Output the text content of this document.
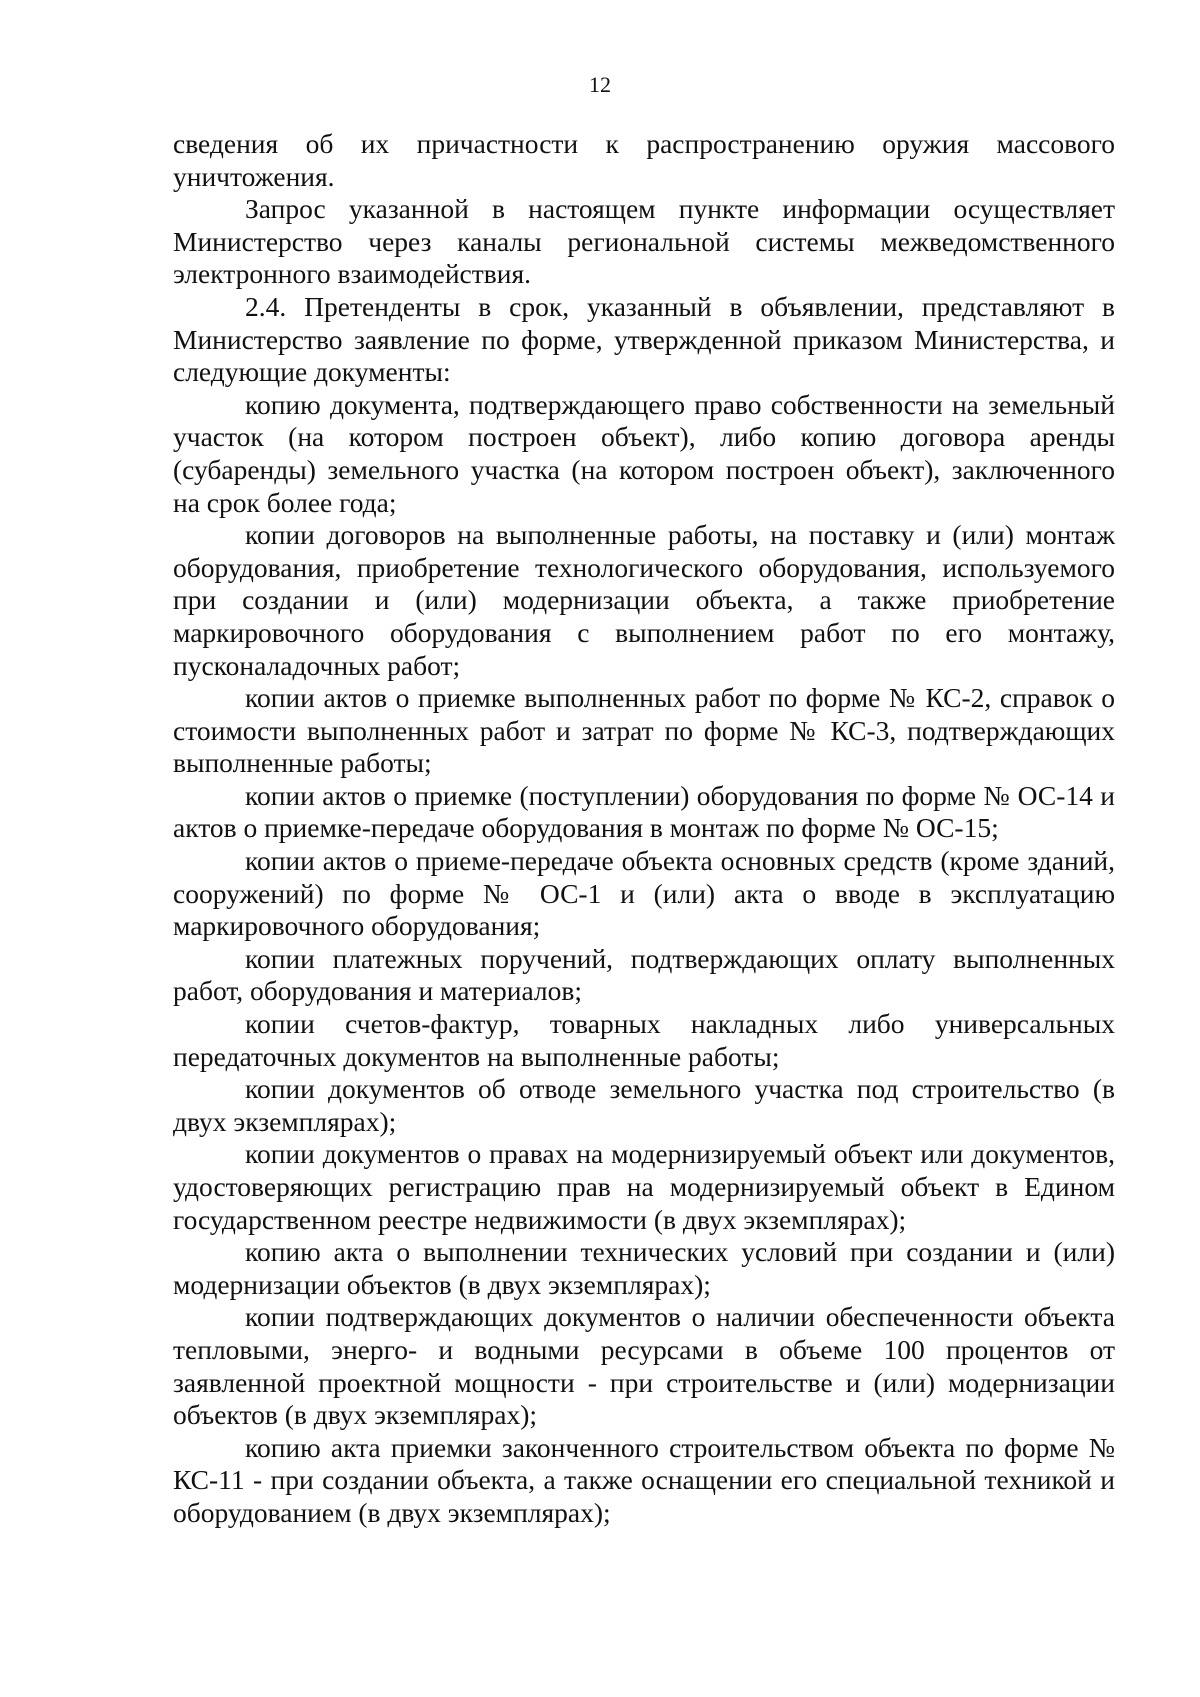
12

сведения об их причастности к распространению оружия массового уничтожения.

Запрос указанной в настоящем пункте информации осуществляет Министерство через каналы региональной системы межведомственного электронного взаимодействия.

2.4. Претенденты в срок, указанный в объявлении, представляют в Министерство заявление по форме, утвержденной приказом Министерства, и следующие документы:

копию документа, подтверждающего право собственности на земельный участок (на котором построен объект), либо копию договора аренды (субаренды) земельного участка (на котором построен объект), заключенного на срок более года;

копии договоров на выполненные работы, на поставку и (или) монтаж оборудования, приобретение технологического оборудования, используемого при создании и (или) модернизации объекта, а также приобретение маркировочного оборудования с выполнением работ по его монтажу, пусконаладочных работ;

копии актов о приемке выполненных работ по форме № КС-2, справок о стоимости выполненных работ и затрат по форме № КС-3, подтверждающих выполненные работы;

копии актов о приемке (поступлении) оборудования по форме № ОС-14 и актов о приемке-передаче оборудования в монтаж по форме № ОС-15;

копии актов о приеме-передаче объекта основных средств (кроме зданий, сооружений) по форме № ОС-1 и (или) акта о вводе в эксплуатацию маркировочного оборудования;

копии платежных поручений, подтверждающих оплату выполненных работ, оборудования и материалов;

копии счетов-фактур, товарных накладных либо универсальных передаточных документов на выполненные работы;

копии документов об отводе земельного участка под строительство (в двух экземплярах);

копии документов о правах на модернизируемый объект или документов, удостоверяющих регистрацию прав на модернизируемый объект в Едином государственном реестре недвижимости (в двух экземплярах);

копию акта о выполнении технических условий при создании и (или) модернизации объектов (в двух экземплярах);

копии подтверждающих документов о наличии обеспеченности объекта тепловыми, энерго- и водными ресурсами в объеме 100 процентов от заявленной проектной мощности - при строительстве и (или) модернизации объектов (в двух экземплярах);

копию акта приемки законченного строительством объекта по форме № КС-11 - при создании объекта, а также оснащении его специальной техникой и оборудованием (в двух экземплярах);
